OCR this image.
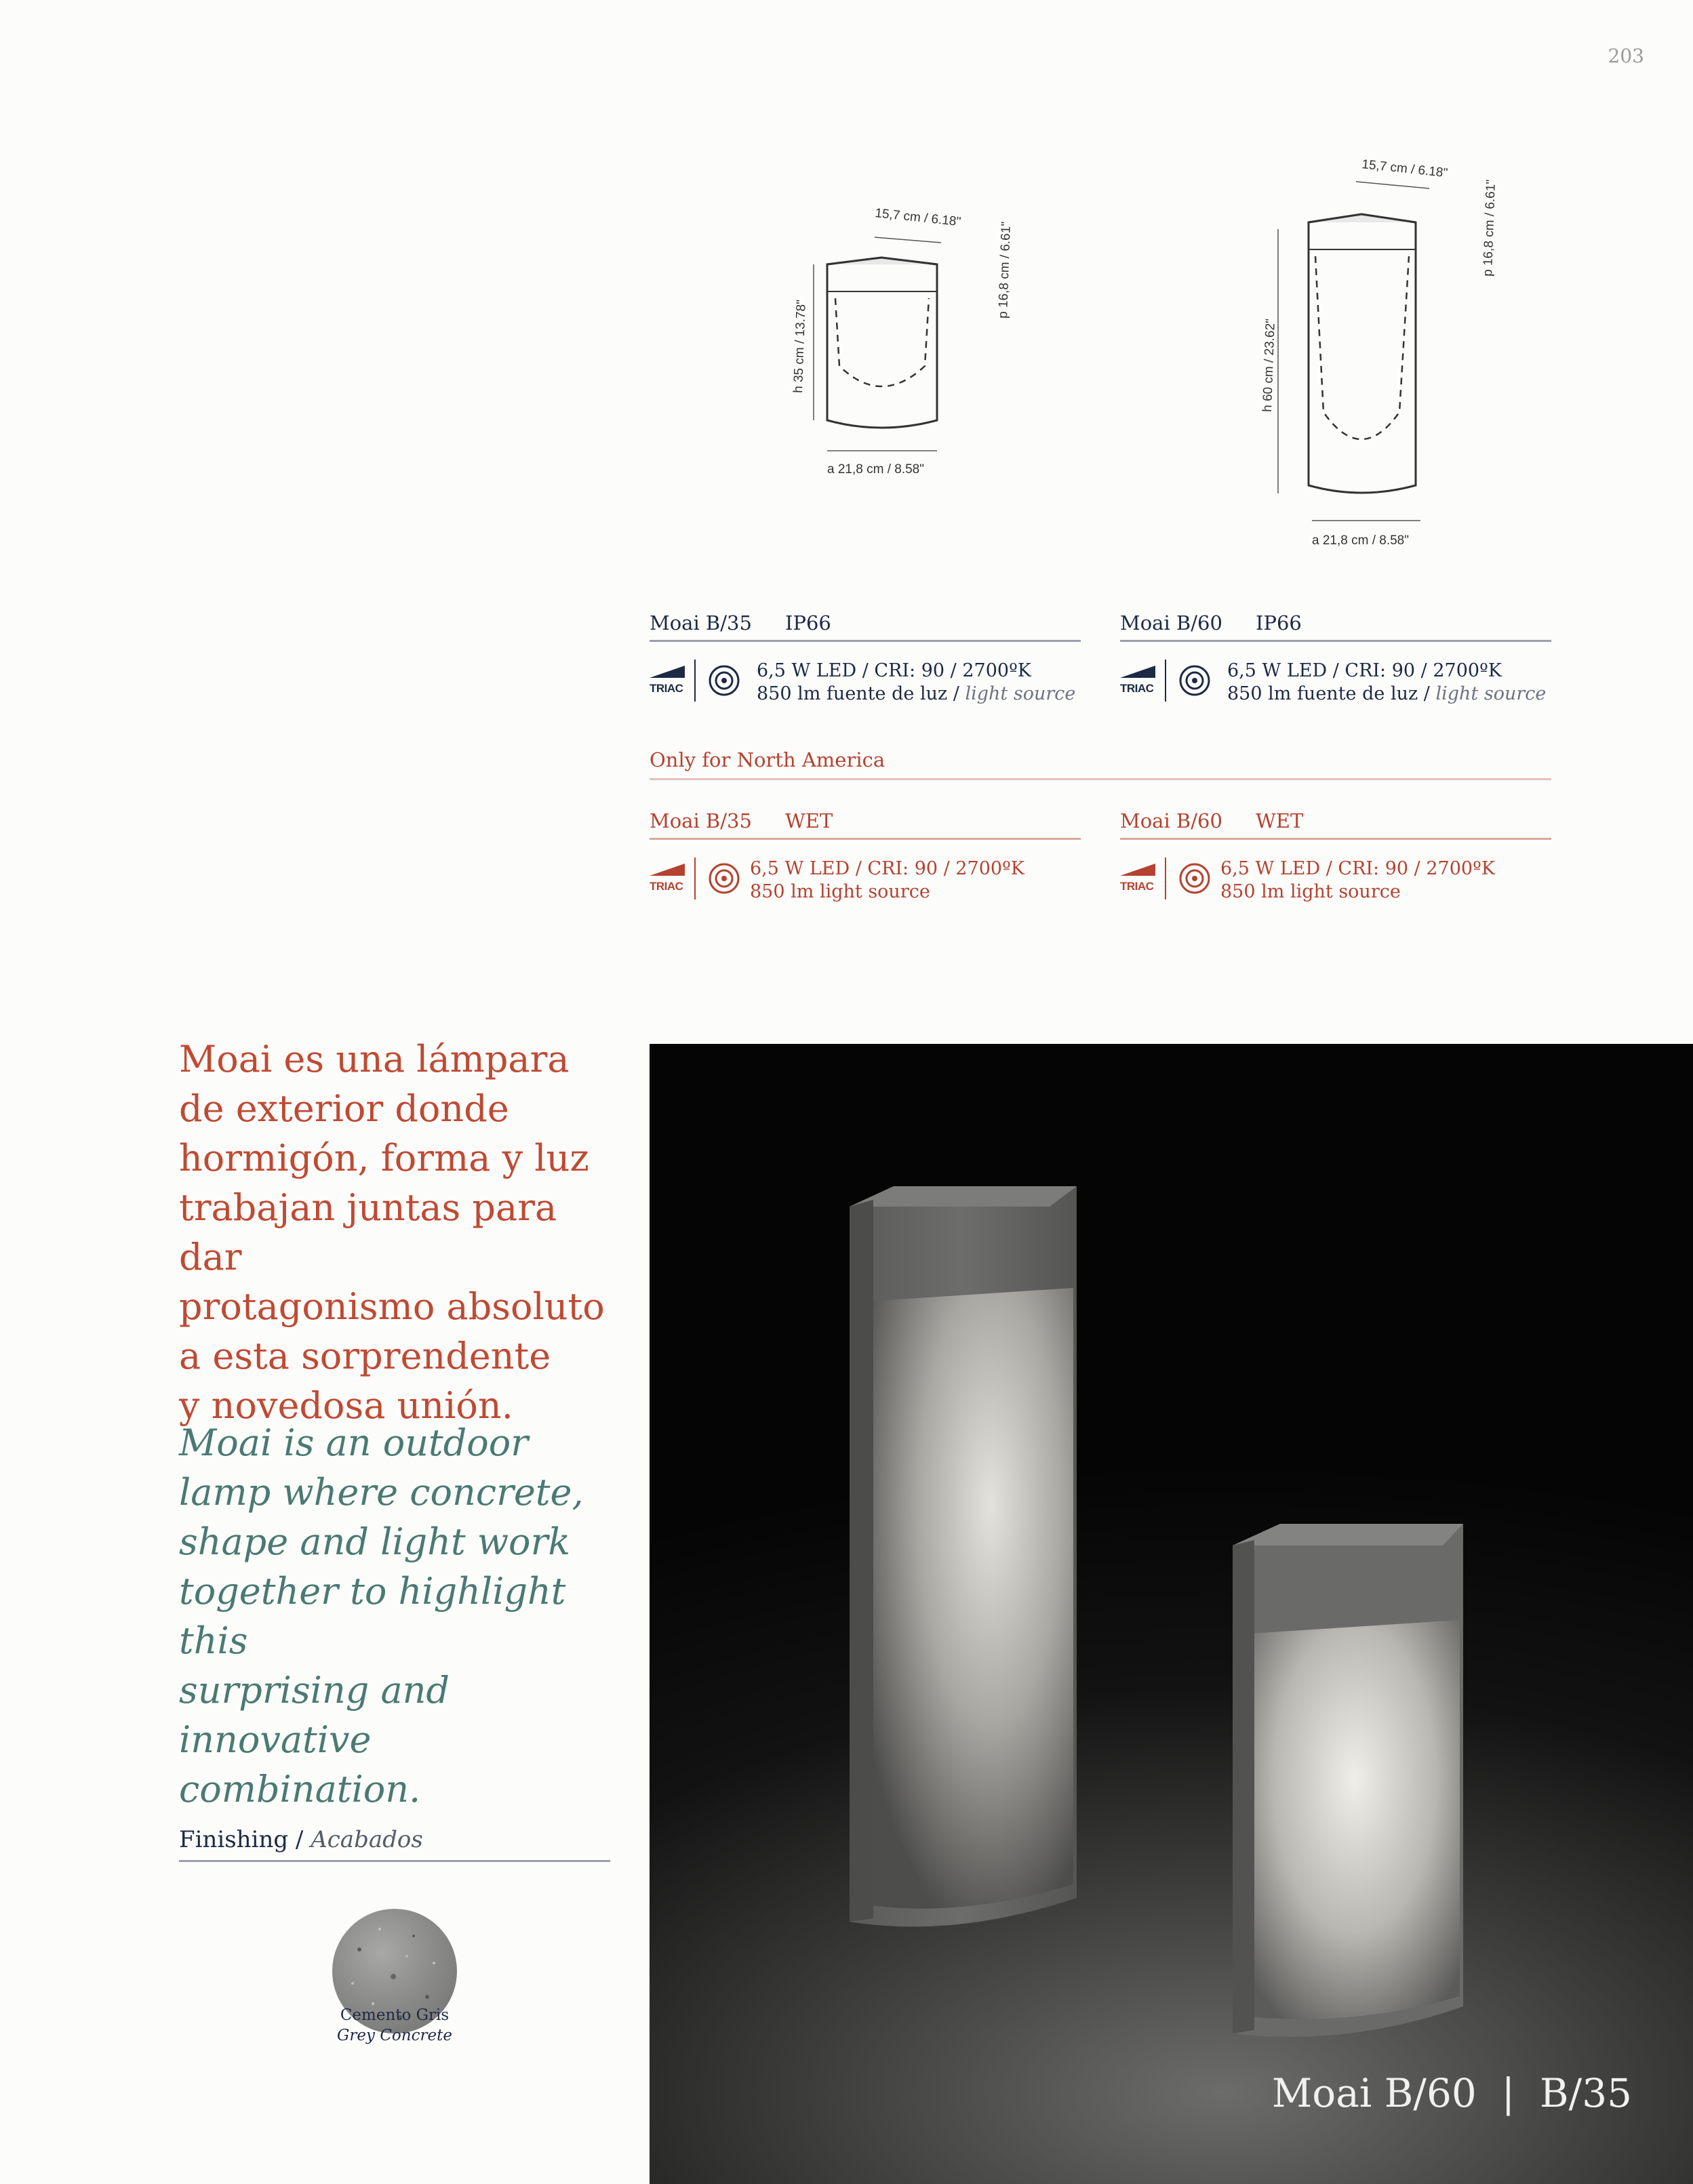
203
h 35 cm / 13.78"
a 21,8 cm / 8.58"
15,7 cm / 6.18"
p 16,8 cm / 6.61"
h 60 cm / 23.62"
a 21,8 cm / 8.58"
15,7 cm / 6.18"
p 16,8 cm / 6.61"
Moai B/35	IP66
TRIAC
6,5 W LED / CRI: 90 / 2700ºK
850 lm fuente de luz / light source
Moai B/60	IP66
TRIAC
6,5 W LED / CRI: 90 / 2700ºK
850 lm fuente de luz / light source
Only for North America
Moai B/35	WET
TRIAC
6,5 W LED / CRI: 90 / 2700ºK
850 lm light source
Moai B/60	WET
TRIAC
6,5 W LED / CRI: 90 / 2700ºK
850 lm light source
Moai es una lámpara
de exterior donde
hormigón, forma y luz
trabajan juntas para dar
protagonismo absoluto
a esta sorprendente
y novedosa unión.
Moai is an outdoor
lamp where concrete,
shape and light work
together to highlight this
surprising and innovative
combination.
Finishing / Acabados
Cemento Gris
Grey Concrete
Moai B/60  |  B/35
